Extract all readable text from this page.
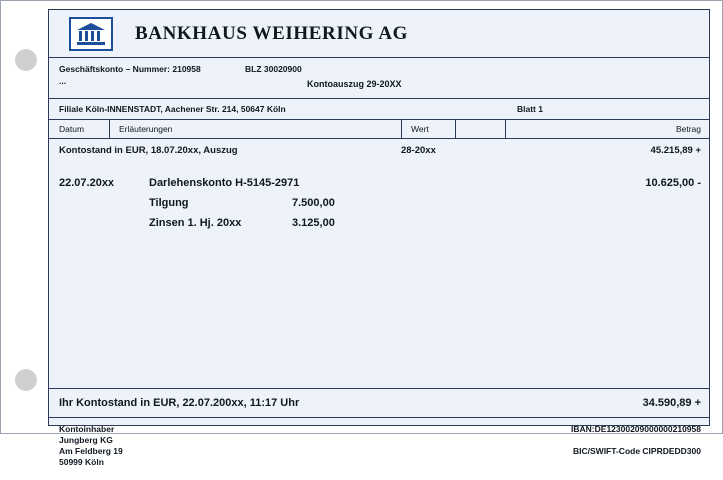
BANKHAUS WEIHERING AG
Geschäftskonto – Nummer: 210958	BLZ 30020900
...	Kontoauszug 29-20XX
Filiale Köln-INNENSTADT, Aachener Str. 214, 50647 Köln	Blatt 1
Datum	Erläuterungen	Wert	Betrag
Kontostand in EUR, 18.07.20xx, Auszug	28-20xx	45.215,89 +
22.07.20xx	Darlehenskonto H-5145-2971	10.625,00 -
Tilgung	7.500,00
Zinsen 1. Hj. 20xx	3.125,00
Ihr Kontostand in EUR, 22.07.200xx, 11:17 Uhr	34.590,89 +
Kontoinhaber
Jungberg KG
Am Feldberg 19
50999 Köln
IBAN:DE12300209000000210958
BIC/SWIFT-Code CIPRDEDD300
